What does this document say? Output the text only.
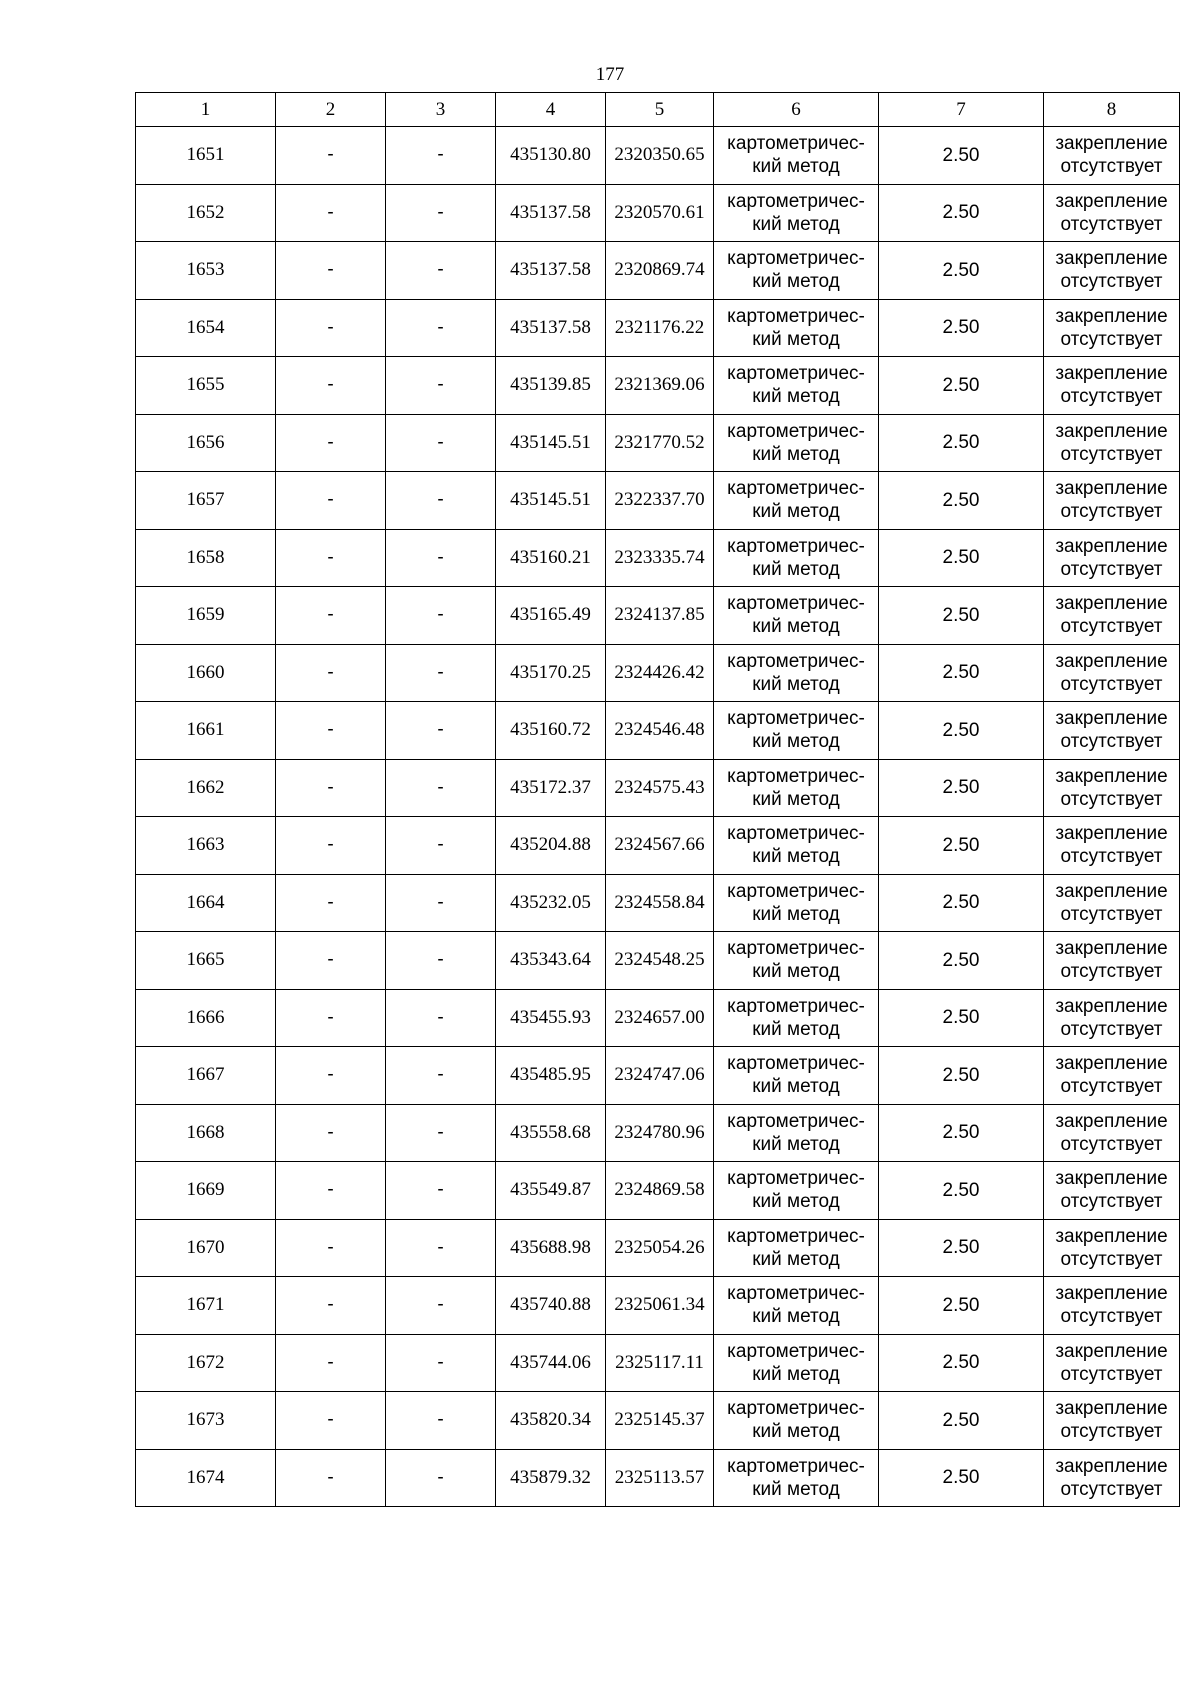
177
1	2	3	4	5	6	7	8
1651	-	-	435130.80	2320350.65	картометричес-
кий метод	2.50	закрепление
отсутствует

1652	-	-	435137.58	2320570.61	картометричес-
кий метод	2.50	закрепление
отсутствует

1653	-	-	435137.58	2320869.74	картометричес-
кий метод	2.50	закрепление
отсутствует

1654	-	-	435137.58	2321176.22	картометричес-
кий метод	2.50	закрепление
отсутствует

1655	-	-	435139.85	2321369.06	картометричес-
кий метод	2.50	закрепление
отсутствует

1656	-	-	435145.51	2321770.52	картометричес-
кий метод	2.50	закрепление
отсутствует

1657	-	-	435145.51	2322337.70	картометричес-
кий метод	2.50	закрепление
отсутствует

1658	-	-	435160.21	2323335.74	картометричес-
кий метод	2.50	закрепление
отсутствует

1659	-	-	435165.49	2324137.85	картометричес-
кий метод	2.50	закрепление
отсутствует

1660	-	-	435170.25	2324426.42	картометричес-
кий метод	2.50	закрепление
отсутствует

1661	-	-	435160.72	2324546.48	картометричес-
кий метод	2.50	закрепление
отсутствует

1662	-	-	435172.37	2324575.43	картометричес-
кий метод	2.50	закрепление
отсутствует

1663	-	-	435204.88	2324567.66	картометричес-
кий метод	2.50	закрепление
отсутствует

1664	-	-	435232.05	2324558.84	картометричес-
кий метод	2.50	закрепление
отсутствует

1665	-	-	435343.64	2324548.25	картометричес-
кий метод	2.50	закрепление
отсутствует

1666	-	-	435455.93	2324657.00	картометричес-
кий метод	2.50	закрепление
отсутствует

1667	-	-	435485.95	2324747.06	картометричес-
кий метод	2.50	закрепление
отсутствует

1668	-	-	435558.68	2324780.96	картометричес-
кий метод	2.50	закрепление
отсутствует

1669	-	-	435549.87	2324869.58	картометричес-
кий метод	2.50	закрепление
отсутствует

1670	-	-	435688.98	2325054.26	картометричес-
кий метод	2.50	закрепление
отсутствует

1671	-	-	435740.88	2325061.34	картометричес-
кий метод	2.50	закрепление
отсутствует

1672	-	-	435744.06	2325117.11	картометричес-
кий метод	2.50	закрепление
отсутствует

1673	-	-	435820.34	2325145.37	картометричес-
кий метод	2.50	закрепление
отсутствует

1674	-	-	435879.32	2325113.57	картометричес-
кий метод	2.50	закрепление
отсутствует
